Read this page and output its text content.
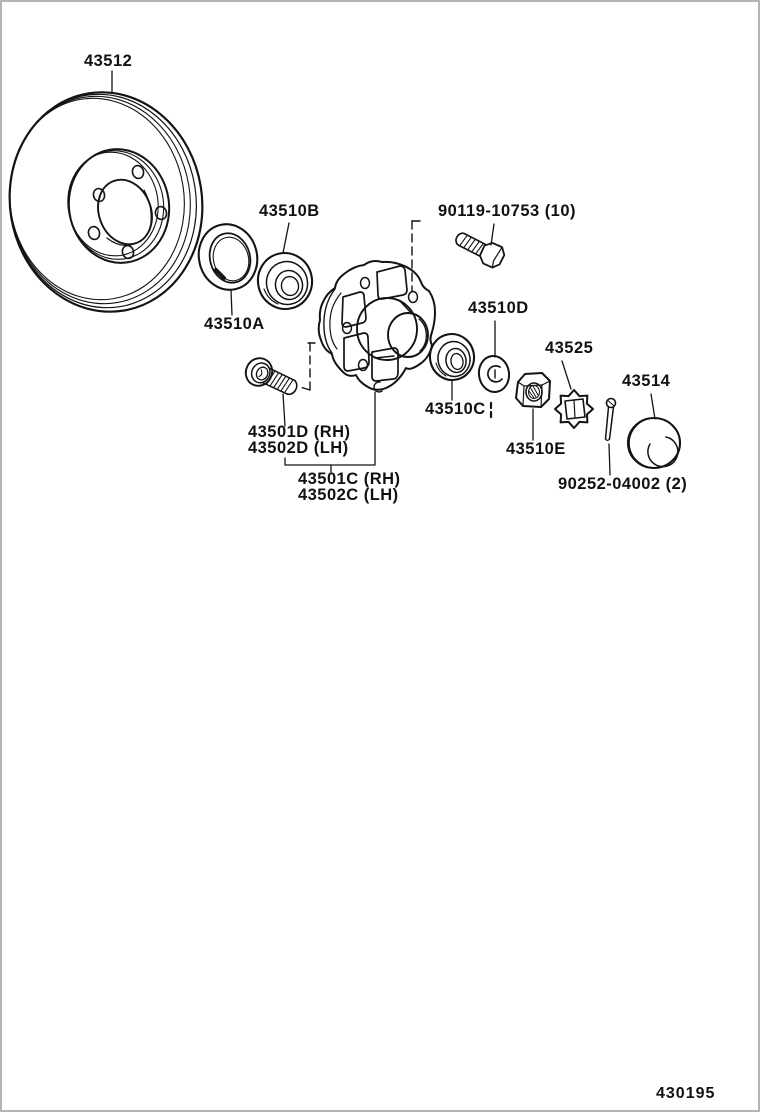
43512
43510B	90119-10753 (10)
43510A
43510D
43525
43514
43501D (RH)
43502D (LH)
43510C
43501C (RH)
43502C (LH)
43510E
90252-04002 (2)
430195
